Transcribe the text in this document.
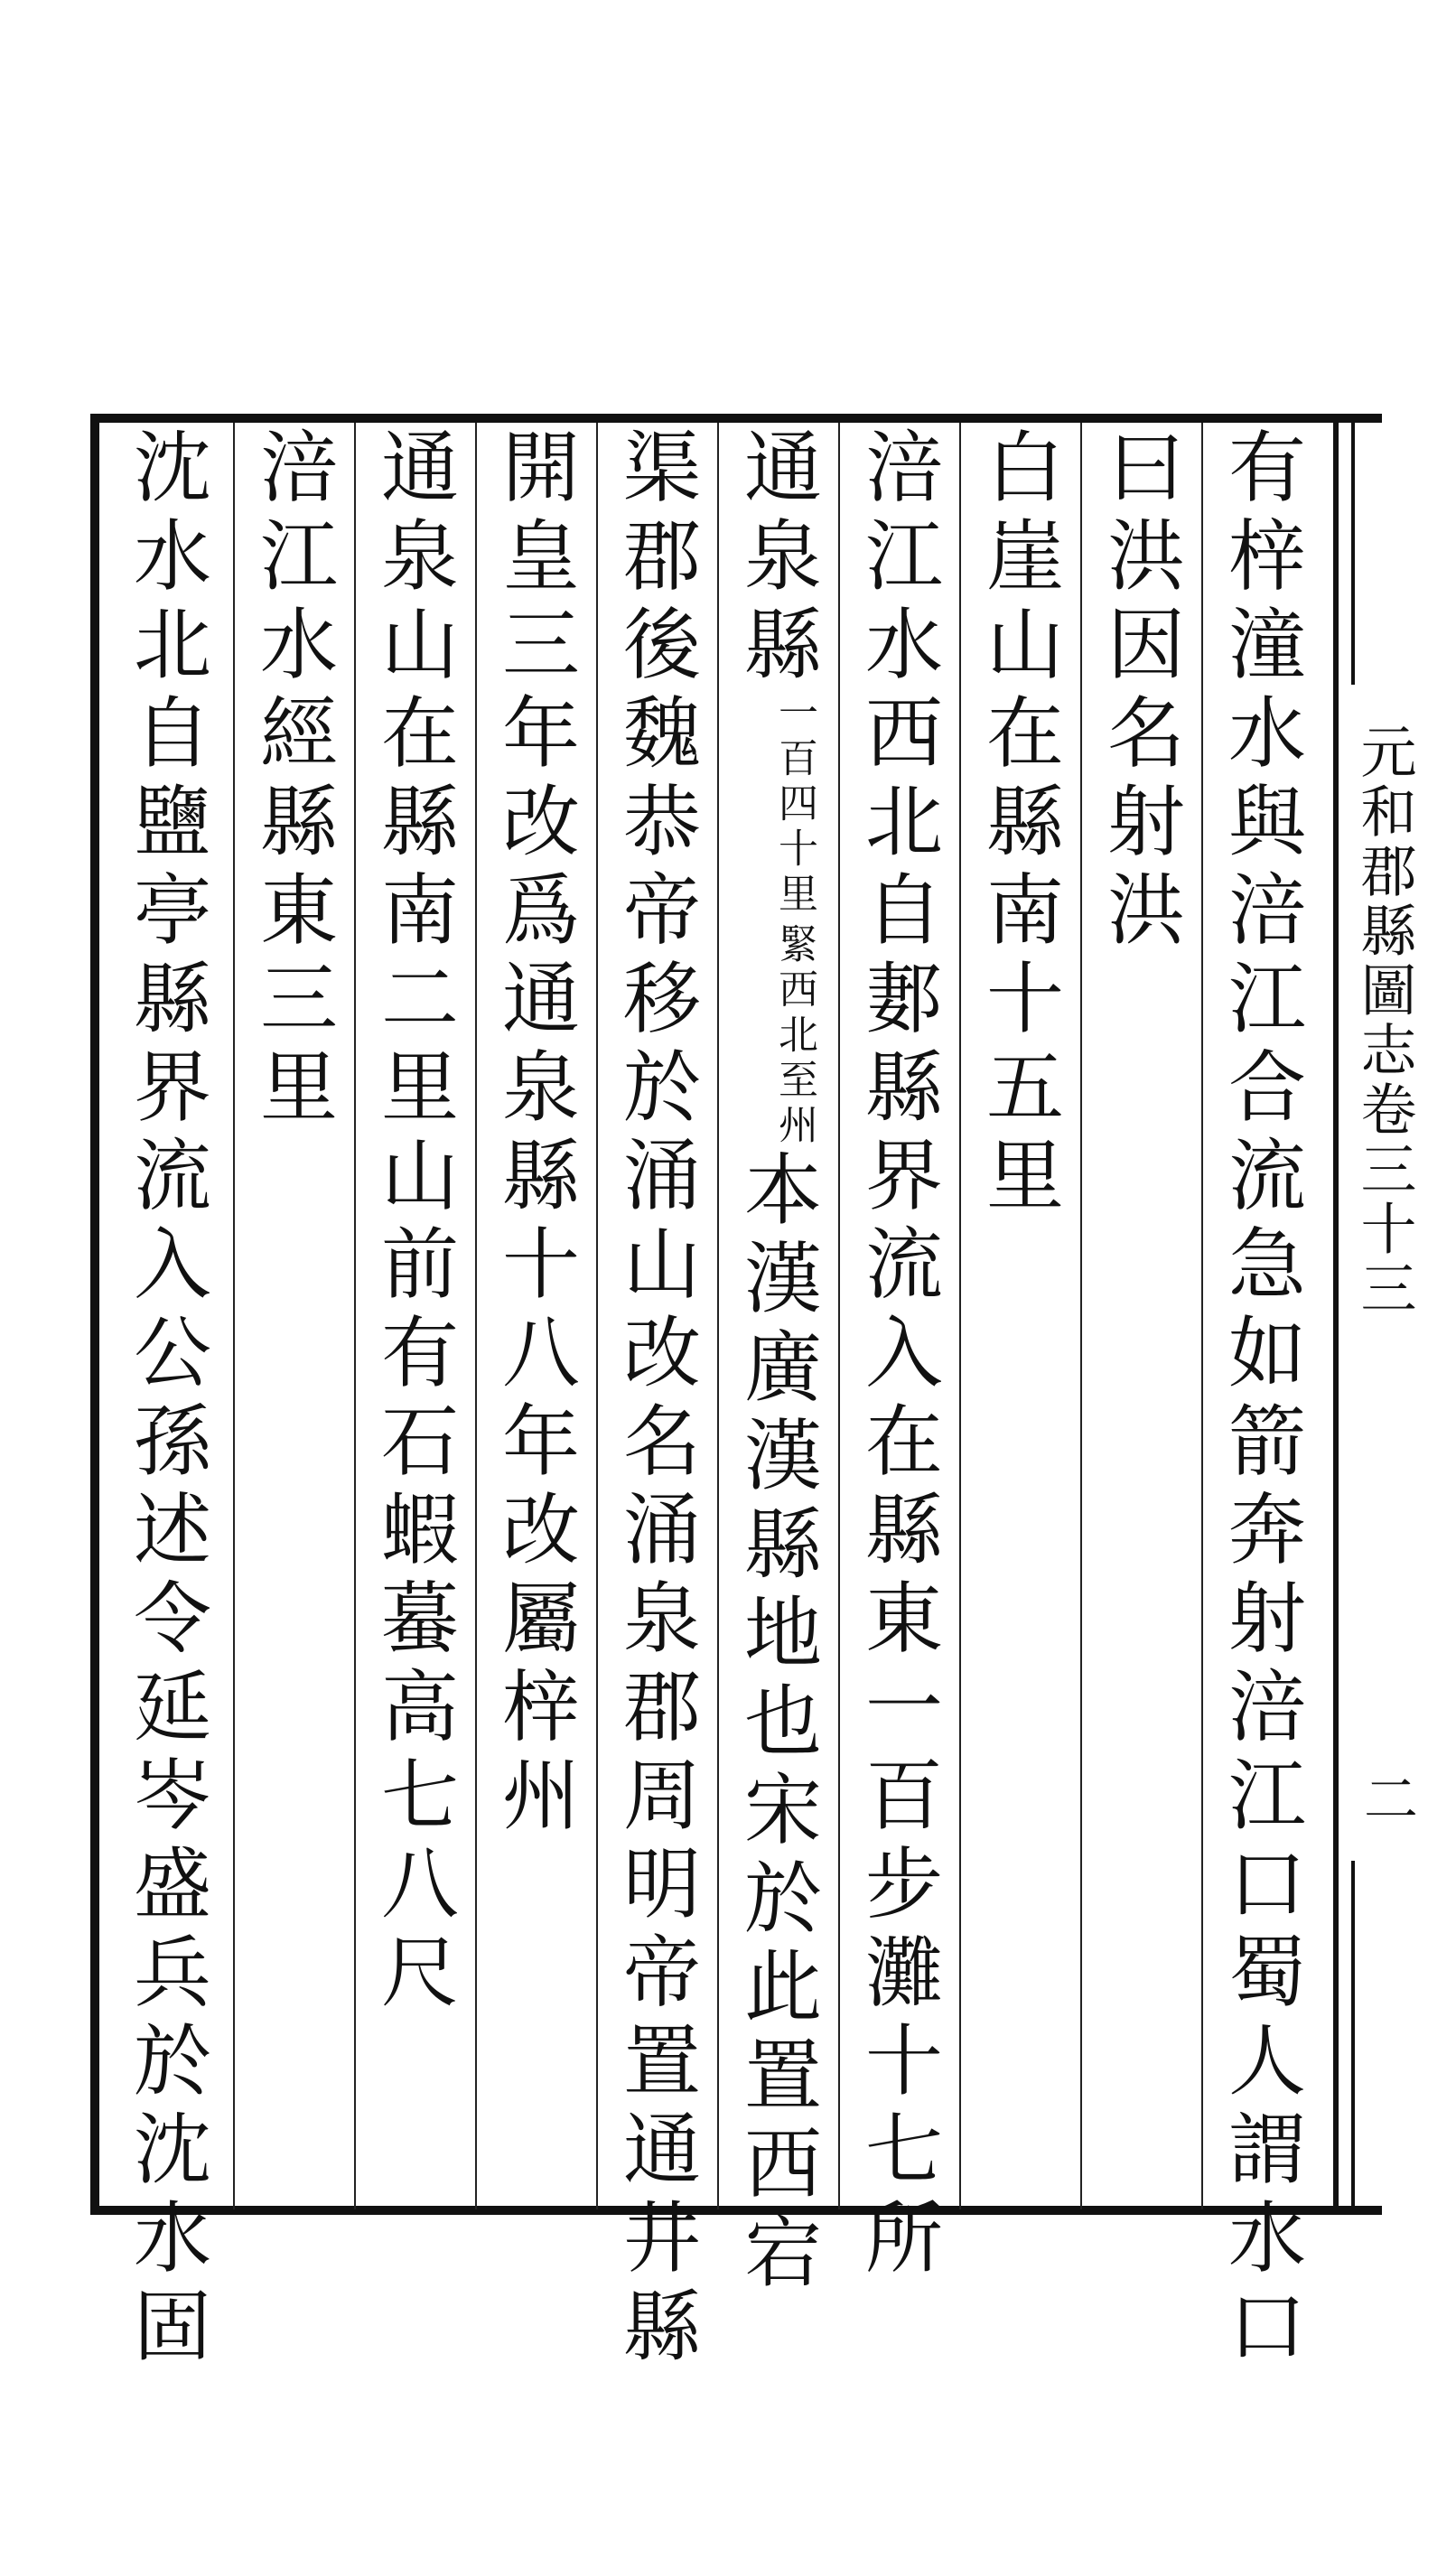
元和郡縣圖志卷三十三
二
有梓潼水與涪江合流急如箭奔射涪江口蜀人謂水口
曰洪因名射洪
白崖山在縣南十五里
涪江水西北自郪縣界流入在縣東一百步灘十七所
通泉縣
緊西北至州
一百四十里
本漢廣漢縣地也宋於此置西宕
渠郡後魏恭帝移於涌山改名涌泉郡周明帝置通井縣
開皇三年改爲通泉縣十八年改屬梓州
通泉山在縣南二里山前有石蝦蟇高七八尺
涪江水經縣東三里
沈水北自鹽亭縣界流入公孫述令延岑盛兵於沈水固
